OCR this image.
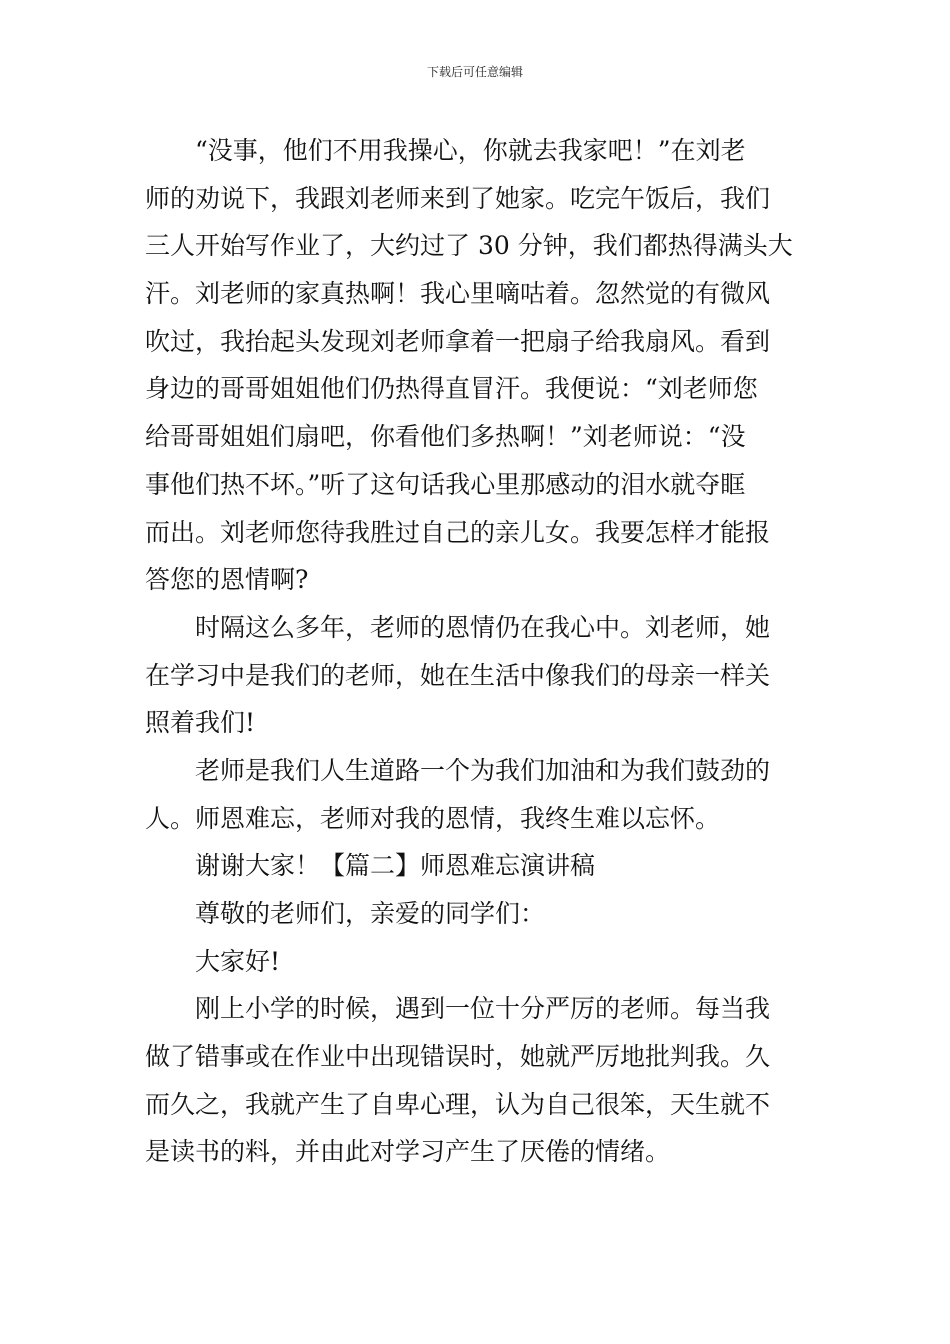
下载后可任意编辑
“没事，他们不用我操心，你就去我家吧！”在刘老
师的劝说下，我跟刘老师来到了她家。吃完午饭后，我们
三人开始写作业了，大约过了 30 分钟，我们都热得满头大
汗。刘老师的家真热啊！我心里嘀咕着。忽然觉的有微风
吹过，我抬起头发现刘老师拿着一把扇子给我扇风。看到
身边的哥哥姐姐他们仍热得直冒汗。我便说：“刘老师您
给哥哥姐姐们扇吧，你看他们多热啊！”刘老师说：“没
事他们热不坏。”听了这句话我心里那感动的泪水就夺眶
而出。刘老师您待我胜过自己的亲儿女。我要怎样才能报
答您的恩情啊?
时隔这么多年，老师的恩情仍在我心中。刘老师，她
在学习中是我们的老师，她在生活中像我们的母亲一样关
照着我们!
老师是我们人生道路一个为我们加油和为我们鼓劲的
人。师恩难忘，老师对我的恩情，我终生难以忘怀。
谢谢大家！【篇二】师恩难忘演讲稿
尊敬的老师们，亲爱的同学们：
大家好!
刚上小学的时候，遇到一位十分严厉的老师。每当我
做了错事或在作业中出现错误时，她就严厉地批判我。久
而久之，我就产生了自卑心理，认为自己很笨，天生就不
是读书的料，并由此对学习产生了厌倦的情绪。
